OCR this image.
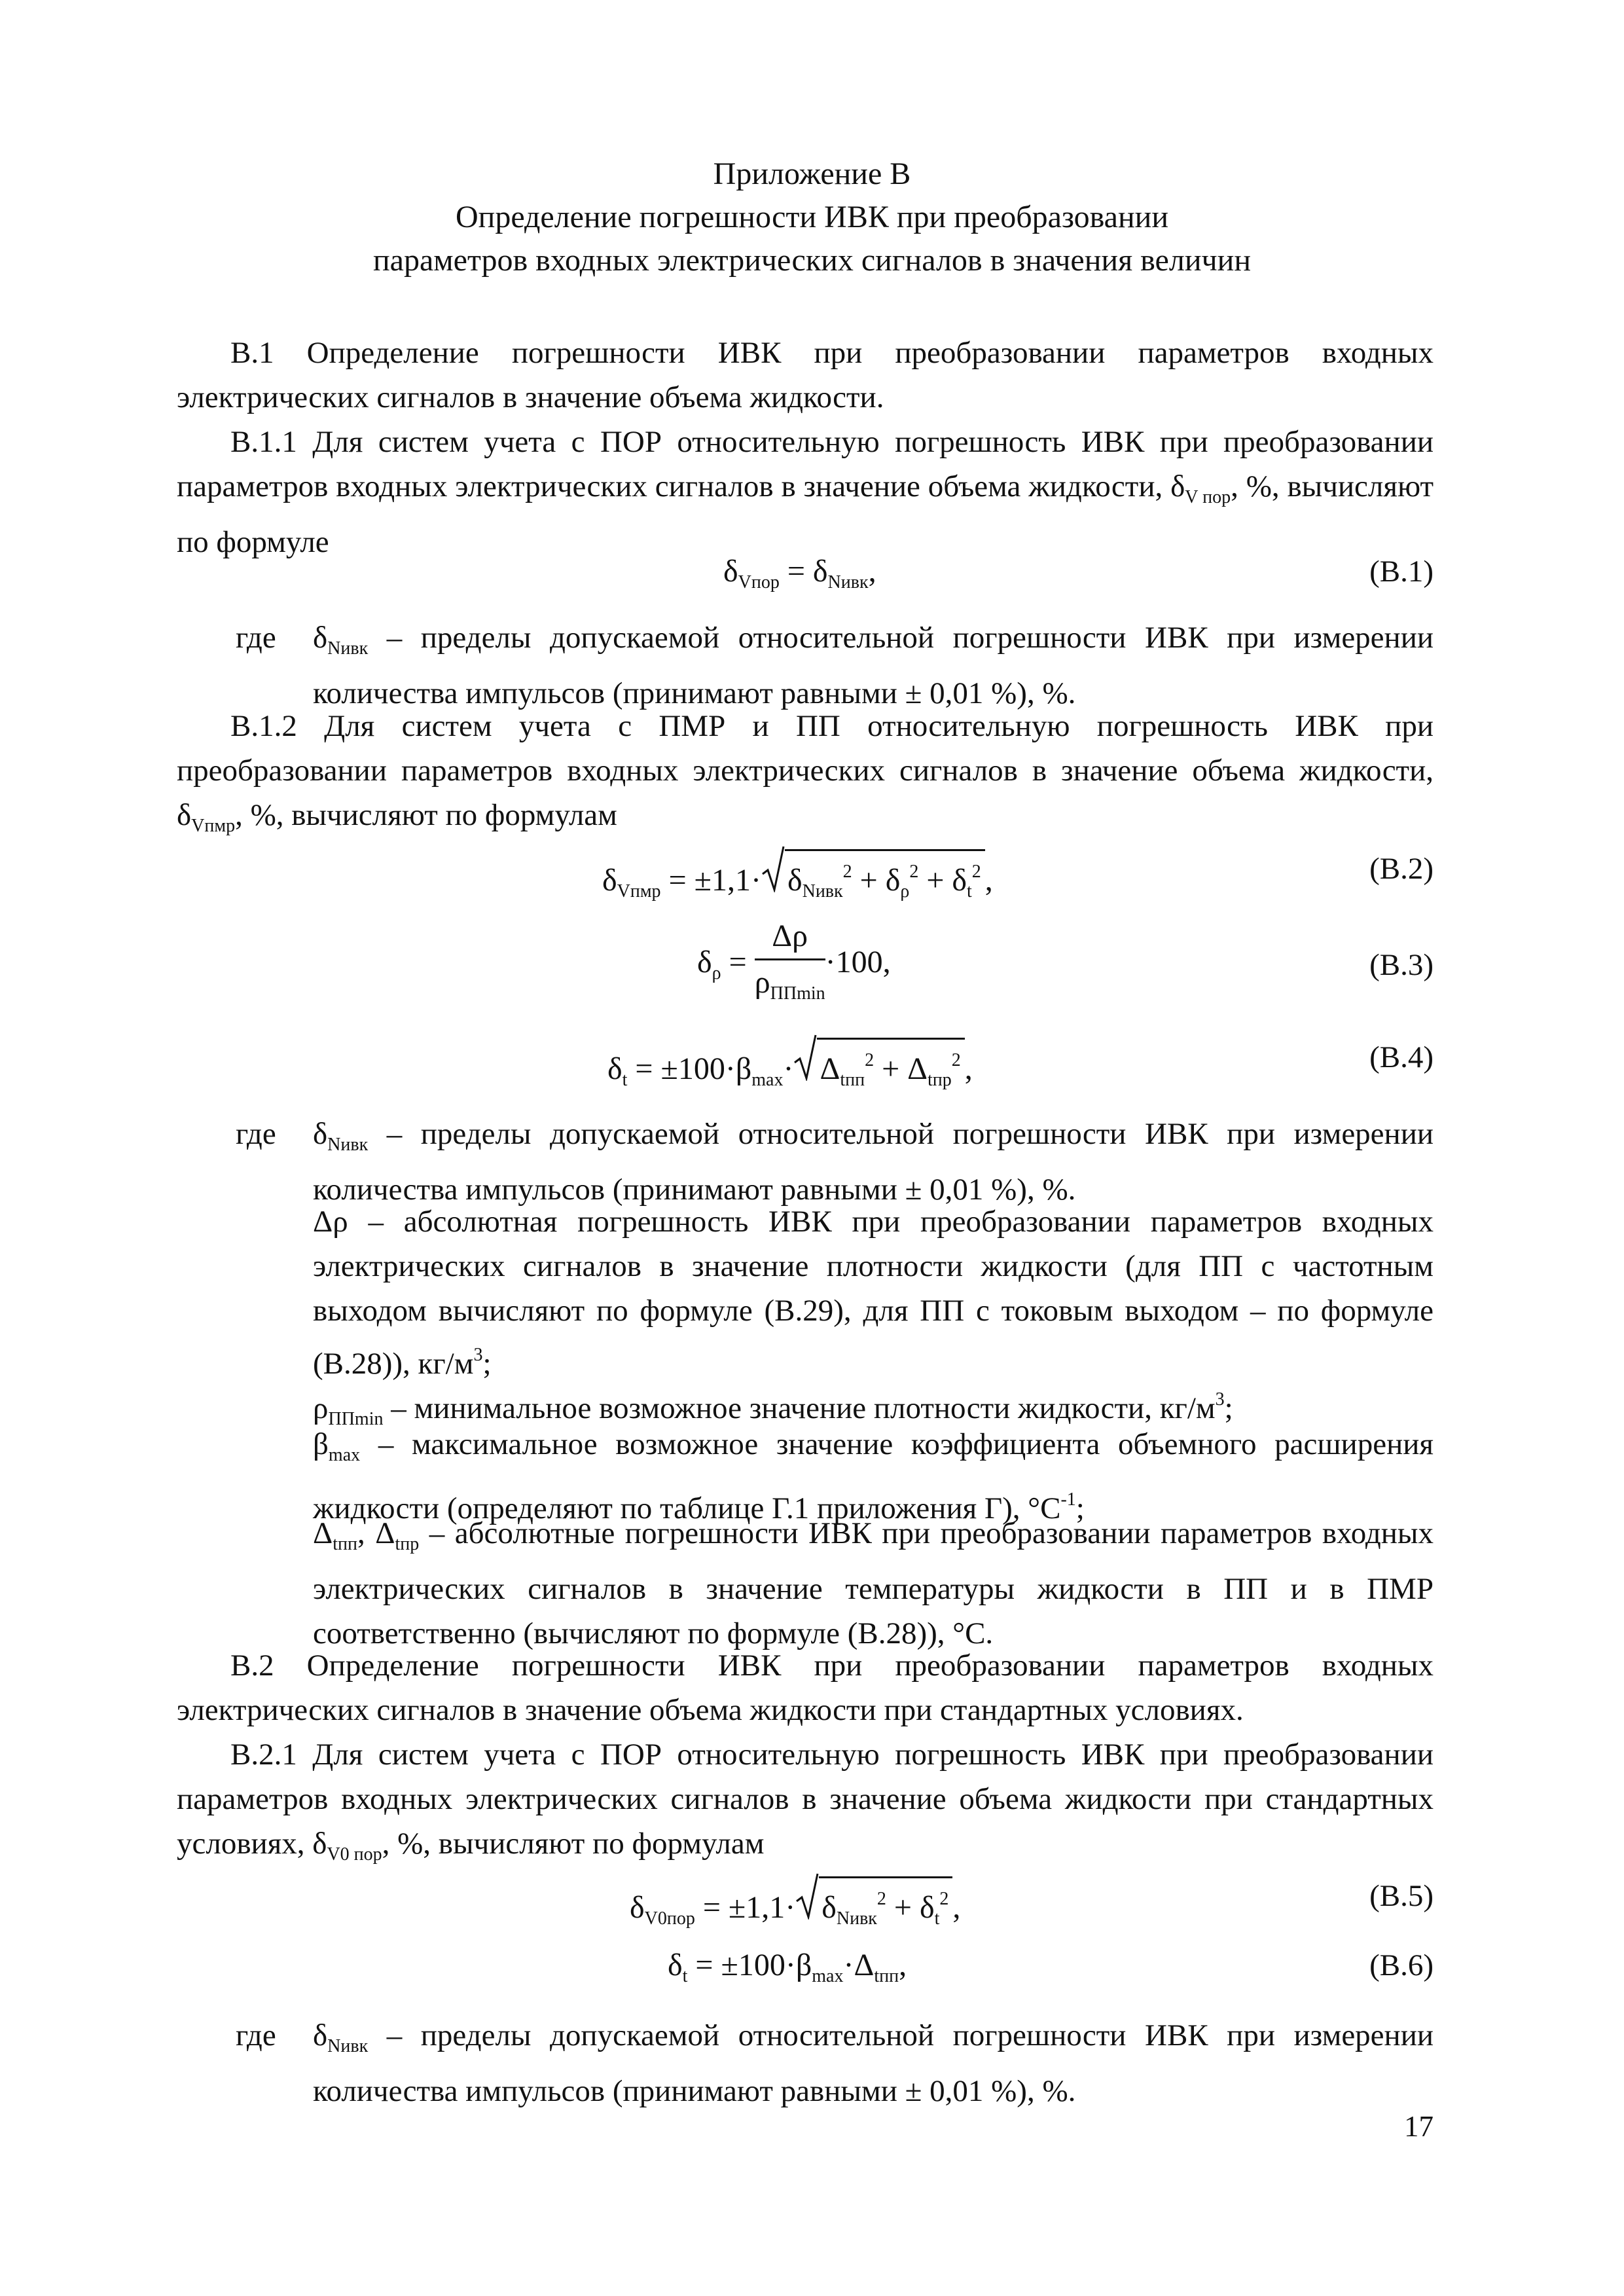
Приложение В
Определение погрешности ИВК при преобразовании
параметров входных электрических сигналов в значения величин
В.1 Определение погрешности ИВК при преобразовании параметров входных электрических сигналов в значение объема жидкости.
В.1.1 Для систем учета с ПОР относительную погрешность ИВК при преобразовании параметров входных электрических сигналов в значение объема жидкости, $\delta_{V пор}$, %, вычисляют по формуле
$\delta_{Vпор} = \delta_{Nивк}$,	(В.1)
где $\delta_{Nивк}$ – пределы допускаемой относительной погрешности ИВК при измерении количества импульсов (принимают равными ± 0,01 %), %.
В.1.2 Для систем учета с ПМР и ПП относительную погрешность ИВК при преобразовании параметров входных электрических сигналов в значение объема жидкости, $\delta_{Vпмр}$, %, вычисляют по формулам
$\delta_{Vпмр} = \pm 1,1\cdot \delta_{Nивк}^2 + \delta_\rho^2 + \delta_t^2$ ,	(В.2)
$\delta_\rho = \frac{\Delta\rho}{\rho_{ППmin}} \cdot 100$,	(В.3)
$\delta_t = \pm 100\cdot\beta_{max}\cdot \Delta_{tпп}^2 + \Delta_{tпр}^2$ ,	(В.4)
где $\delta_{Nивк}$ – пределы допускаемой относительной погрешности ИВК при измерении количества импульсов (принимают равными ± 0,01 %), %.
Δρ – абсолютная погрешность ИВК при преобразовании параметров входных электрических сигналов в значение плотности жидкости (для ПП с частотным выходом вычисляют по формуле (В.29), для ПП с токовым выходом – по формуле (В.28)), $кг/м^3$;
$\rho_{ППmin}$ – минимальное возможное значение плотности жидкости, $кг/м^3$;
$\beta_{max}$ – максимальное возможное значение коэффициента объемного расширения жидкости (определяют по таблице Г.1 приложения Г), $^\circ С^{-1}$;
$\Delta_{tпп}$, $\Delta_{tпр}$ – абсолютные погрешности ИВК при преобразовании параметров входных электрических сигналов в значение температуры жидкости в ПП и в ПМР соответственно (вычисляют по формуле (В.28)), °С.
В.2 Определение погрешности ИВК при преобразовании параметров входных электрических сигналов в значение объема жидкости при стандартных условиях.
В.2.1 Для систем учета с ПОР относительную погрешность ИВК при преобразовании параметров входных электрических сигналов в значение объема жидкости при стандартных условиях, $\delta_{V0 пор}$, %, вычисляют по формулам
$\delta_{V0пор} = \pm 1,1\cdot \delta_{Nивк}^2 + \delta_t^2$ ,	(В.5)
$\delta_t = \pm 100\cdot\beta_{max}\cdot\Delta_{tпп}$,	(В.6)
где $\delta_{Nивк}$ – пределы допускаемой относительной погрешности ИВК при измерении количества импульсов (принимают равными ± 0,01 %), %.
17
